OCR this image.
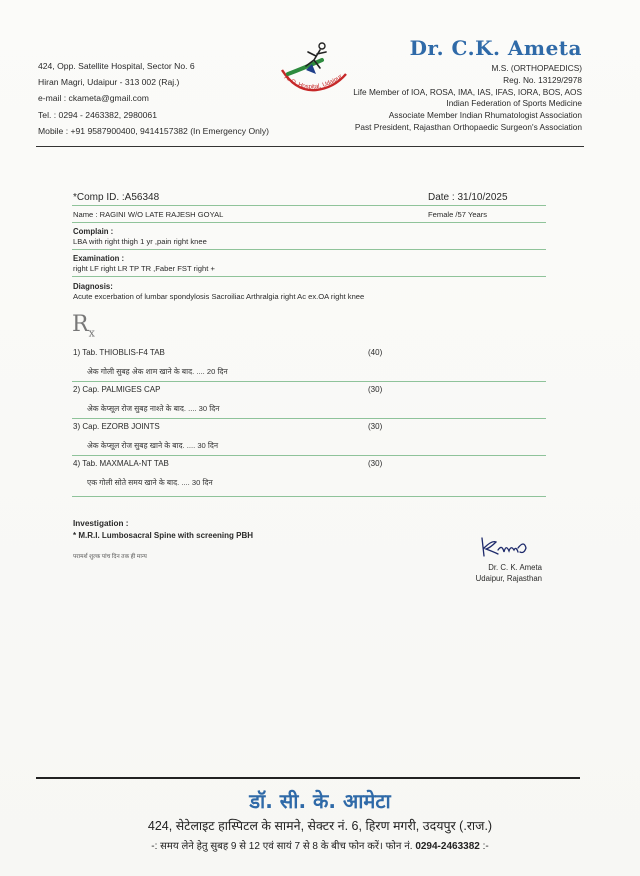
424, Opp. Satellite Hospital, Sector No. 6
Hiran Magri, Udaipur - 313 002 (Raj.)
e-mail : ckameta@gmail.com
Tel. : 0294 - 2463382, 2980061
Mobile : +91 9587900400, 9414157382 (In Emergency Only)
A. O. Hospital, Udaipur
Dr. C.K. Ameta
M.S. (ORTHOPAEDICS)
Reg. No. 13129/2978
Life Member of IOA, ROSA, IMA, IAS, IFAS, IORA, BOS, AOS
Indian Federation of Sports Medicine
Associate Member Indian Rhumatologist Association
Past President, Rajasthan Orthopaedic Surgeon's Association
*Comp ID. :A56348	Date : 31/10/2025
Name : RAGINI W/O LATE RAJESH GOYAL	Female /57 Years
Complain :
LBA with right thigh 1 yr ,pain right knee
Examination :
right LF right LR TP TR ,Faber FST right +
Diagnosis:
Acute excerbation of lumbar spondylosis Sacroiliac Arthralgia right Ac ex.OA right knee
$R_x$
1) Tab. THIOBLIS-F4 TAB	(40)
अेक गोली सुबह अेक शाम खाने के बाद. .... 20 दिन
2) Cap. PALMIGES CAP	(30)
अेक केप्सूल रोज सुबह नाश्ते के बाद. .... 30 दिन
3) Cap. EZORB JOINTS	(30)
अेक केप्सूल रोज सुबह खाने के बाद. .... 30 दिन
4) Tab. MAXMALA-NT TAB	(30)
एक गोली सोते समय खाने के बाद. .... 30 दिन
Investigation :
* M.R.I. Lumbosacral Spine with screening PBH
परामर्श शुल्क पांच दिन तक ही मान्य
Dr. C. K. Ameta
Udaipur, Rajasthan
डॉ. सी. के. आमेटा
424, सेटेलाइट हास्पिटल के सामने, सेक्टर नं. 6, हिरण मगरी, उदयपुर (.राज.)
-: समय लेने हेतु सुबह 9 से 12 एवं सायं 7 से 8 के बीच फोन करें। फोन नं. 0294-2463382 :-
